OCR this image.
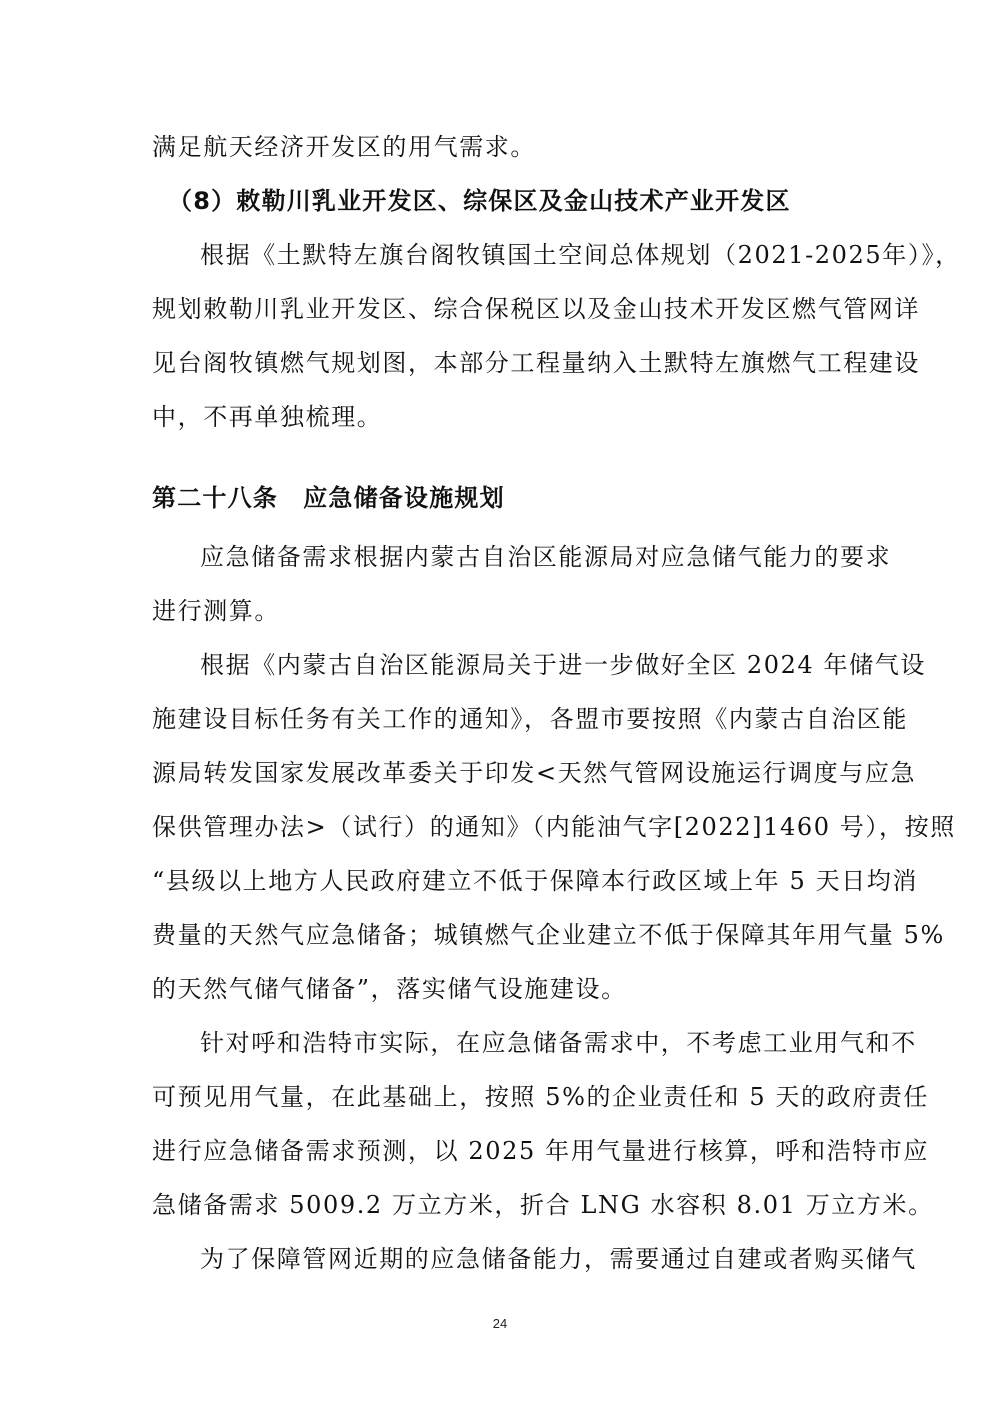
满足航天经济开发区的用气需求。
（8）敕勒川乳业开发区、综保区及金山技术产业开发区
根据《土默特左旗台阁牧镇国土空间总体规划（2021-2025年）》，
规划敕勒川乳业开发区、综合保税区以及金山技术开发区燃气管网详
见台阁牧镇燃气规划图，本部分工程量纳入土默特左旗燃气工程建设
中，不再单独梳理。
第二十八条　应急储备设施规划
应急储备需求根据内蒙古自治区能源局对应急储气能力的要求
进行测算。
根据《内蒙古自治区能源局关于进一步做好全区 2024 年储气设
施建设目标任务有关工作的通知》，各盟市要按照《内蒙古自治区能
源局转发国家发展改革委关于印发<天然气管网设施运行调度与应急
保供管理办法>（试行）的通知》（内能油气字[2022]1460 号），按照
“县级以上地方人民政府建立不低于保障本行政区域上年 5 天日均消
费量的天然气应急储备；城镇燃气企业建立不低于保障其年用气量 5%
的天然气储气储备”，落实储气设施建设。
针对呼和浩特市实际，在应急储备需求中，不考虑工业用气和不
可预见用气量，在此基础上，按照 5%的企业责任和 5 天的政府责任
进行应急储备需求预测，以 2025 年用气量进行核算，呼和浩特市应
急储备需求 5009.2 万立方米，折合 LNG 水容积 8.01 万立方米。
为了保障管网近期的应急储备能力，需要通过自建或者购买储气
24
